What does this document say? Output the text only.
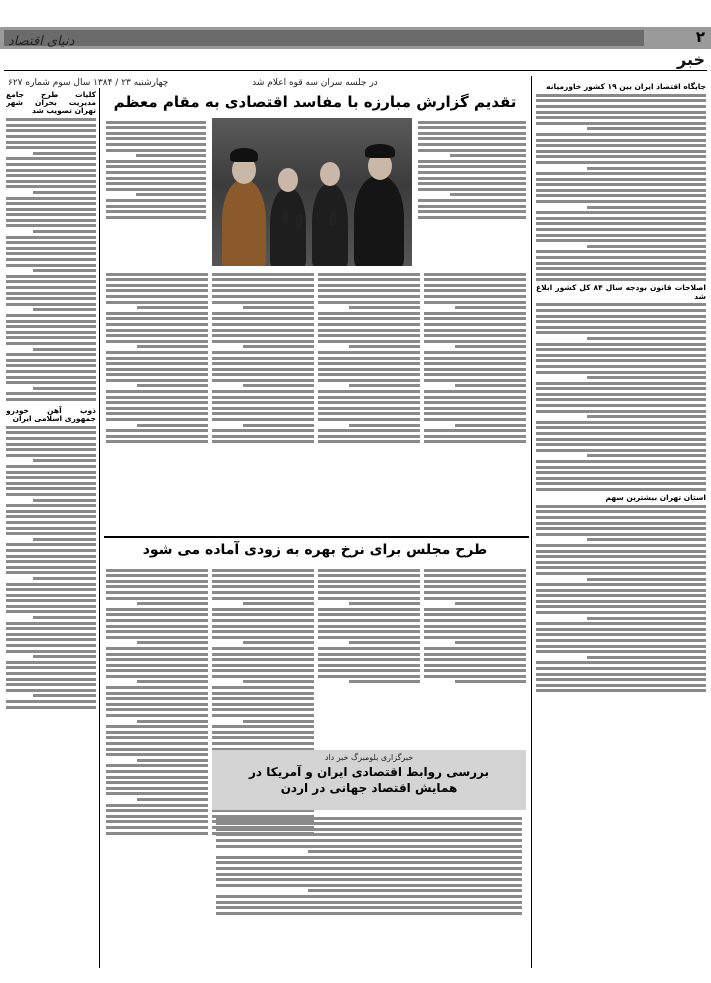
۲
دنیای اقتصاد
خبر
چهارشنبه ۲۳ / ۱۳۸۴ سال سوم شماره ۶۲۷
کلیات طرح جامع مدیریت بحران شهر تهران تصویب شد
ذوب آهن خودرو جمهوری اسلامی ایران
در جلسه سران سه قوه اعلام شد
تقدیم گزارش مبارزه با مفاسد اقتصادی به مقام معظم
طرح مجلس برای نرخ بهره به زودی آماده می شود
خبرگزاری بلومبرگ خبر داد
بررسی روابط اقتصادی ایران و آمریکا در
همایش اقتصاد جهانی در اردن
جایگاه اقتصاد ایران بین ۱۹ کشور خاورمیانه
اصلاحات قانون بودجه سال ۸۴ کل کشور ابلاغ شد
استان تهران بیشترین سهم
